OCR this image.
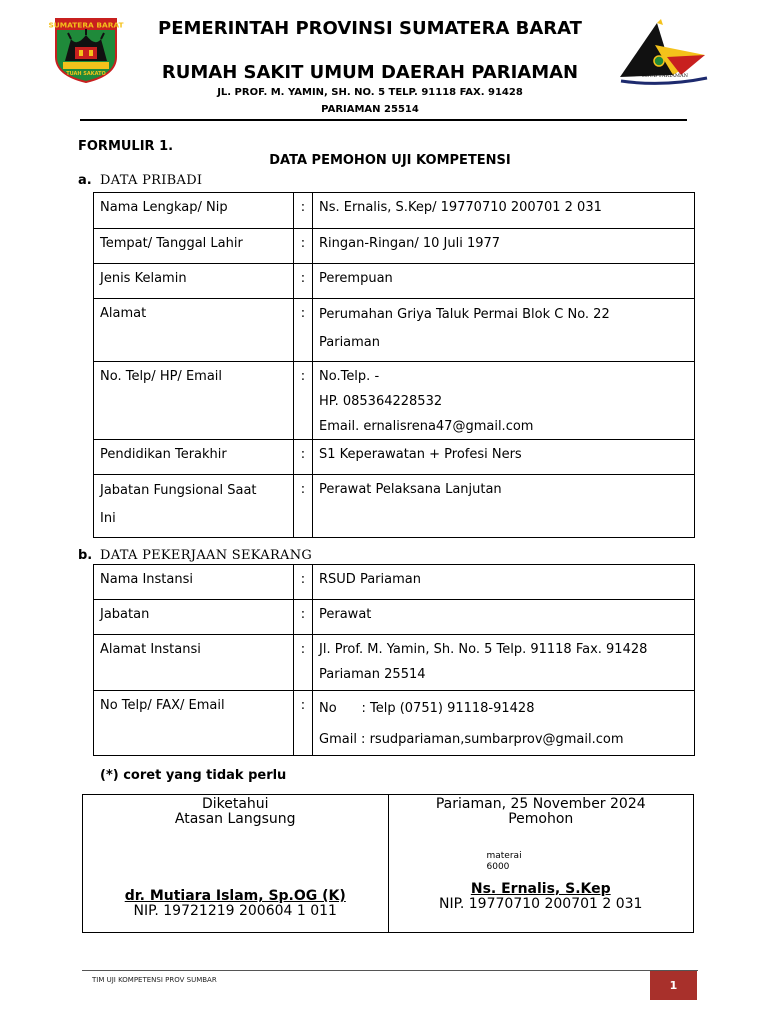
SUMATERA BARAT
TUAH SAKATO	RSUD PARIAMAN
PEMERINTAH PROVINSI SUMATERA BARAT
RUMAH SAKIT UMUM DAERAH PARIAMAN
JL. PROF. M. YAMIN, SH. NO. 5 TELP. 91118 FAX. 91428
PARIAMAN 25514
FORMULIR 1.
DATA PEMOHON UJI KOMPETENSI
a. DATA PRIBADI
Nama Lengkap/ Nip	:	Ns. Ernalis, S.Kep/ 19770710 200701 2 031
Tempat/ Tanggal Lahir	:	Ringan-Ringan/ 10 Juli 1977
Jenis Kelamin	:	Perempuan
Alamat	:	Perumahan Griya Taluk Permai Blok C No. 22
Pariaman

No. Telp/ HP/ Email	:	No.Telp. -
HP. 085364228532
Email. ernalisrena47@gmail.com

Pendidikan Terakhir	:	S1 Keperawatan + Profesi Ners

Jabatan Fungsional Saat
Ini	:	Perawat Pelaksana Lanjutan
b. DATA PEKERJAAN SEKARANG
Nama Instansi	:	RSUD Pariaman
Jabatan	:	Perawat
Alamat Instansi	:	Jl. Prof. M. Yamin, Sh. No. 5 Telp. 91118 Fax. 91428
Pariaman 25514

No Telp/ FAX/ Email	:	No      : Telp (0751) 91118-91428
Gmail : rsudpariaman,sumbarprov@gmail.com
(*) coret yang tidak perlu
Diketahui
Atasan Langsung
dr. Mutiara Islam, Sp.OG (K)
NIP. 19721219 200604 1 011

Pariaman, 25 November 2024
Pemohon
materai
6000
Ns. Ernalis, S.Kep
NIP. 19770710 200701 2 031
TIM UJI KOMPETENSI PROV SUMBAR	1
